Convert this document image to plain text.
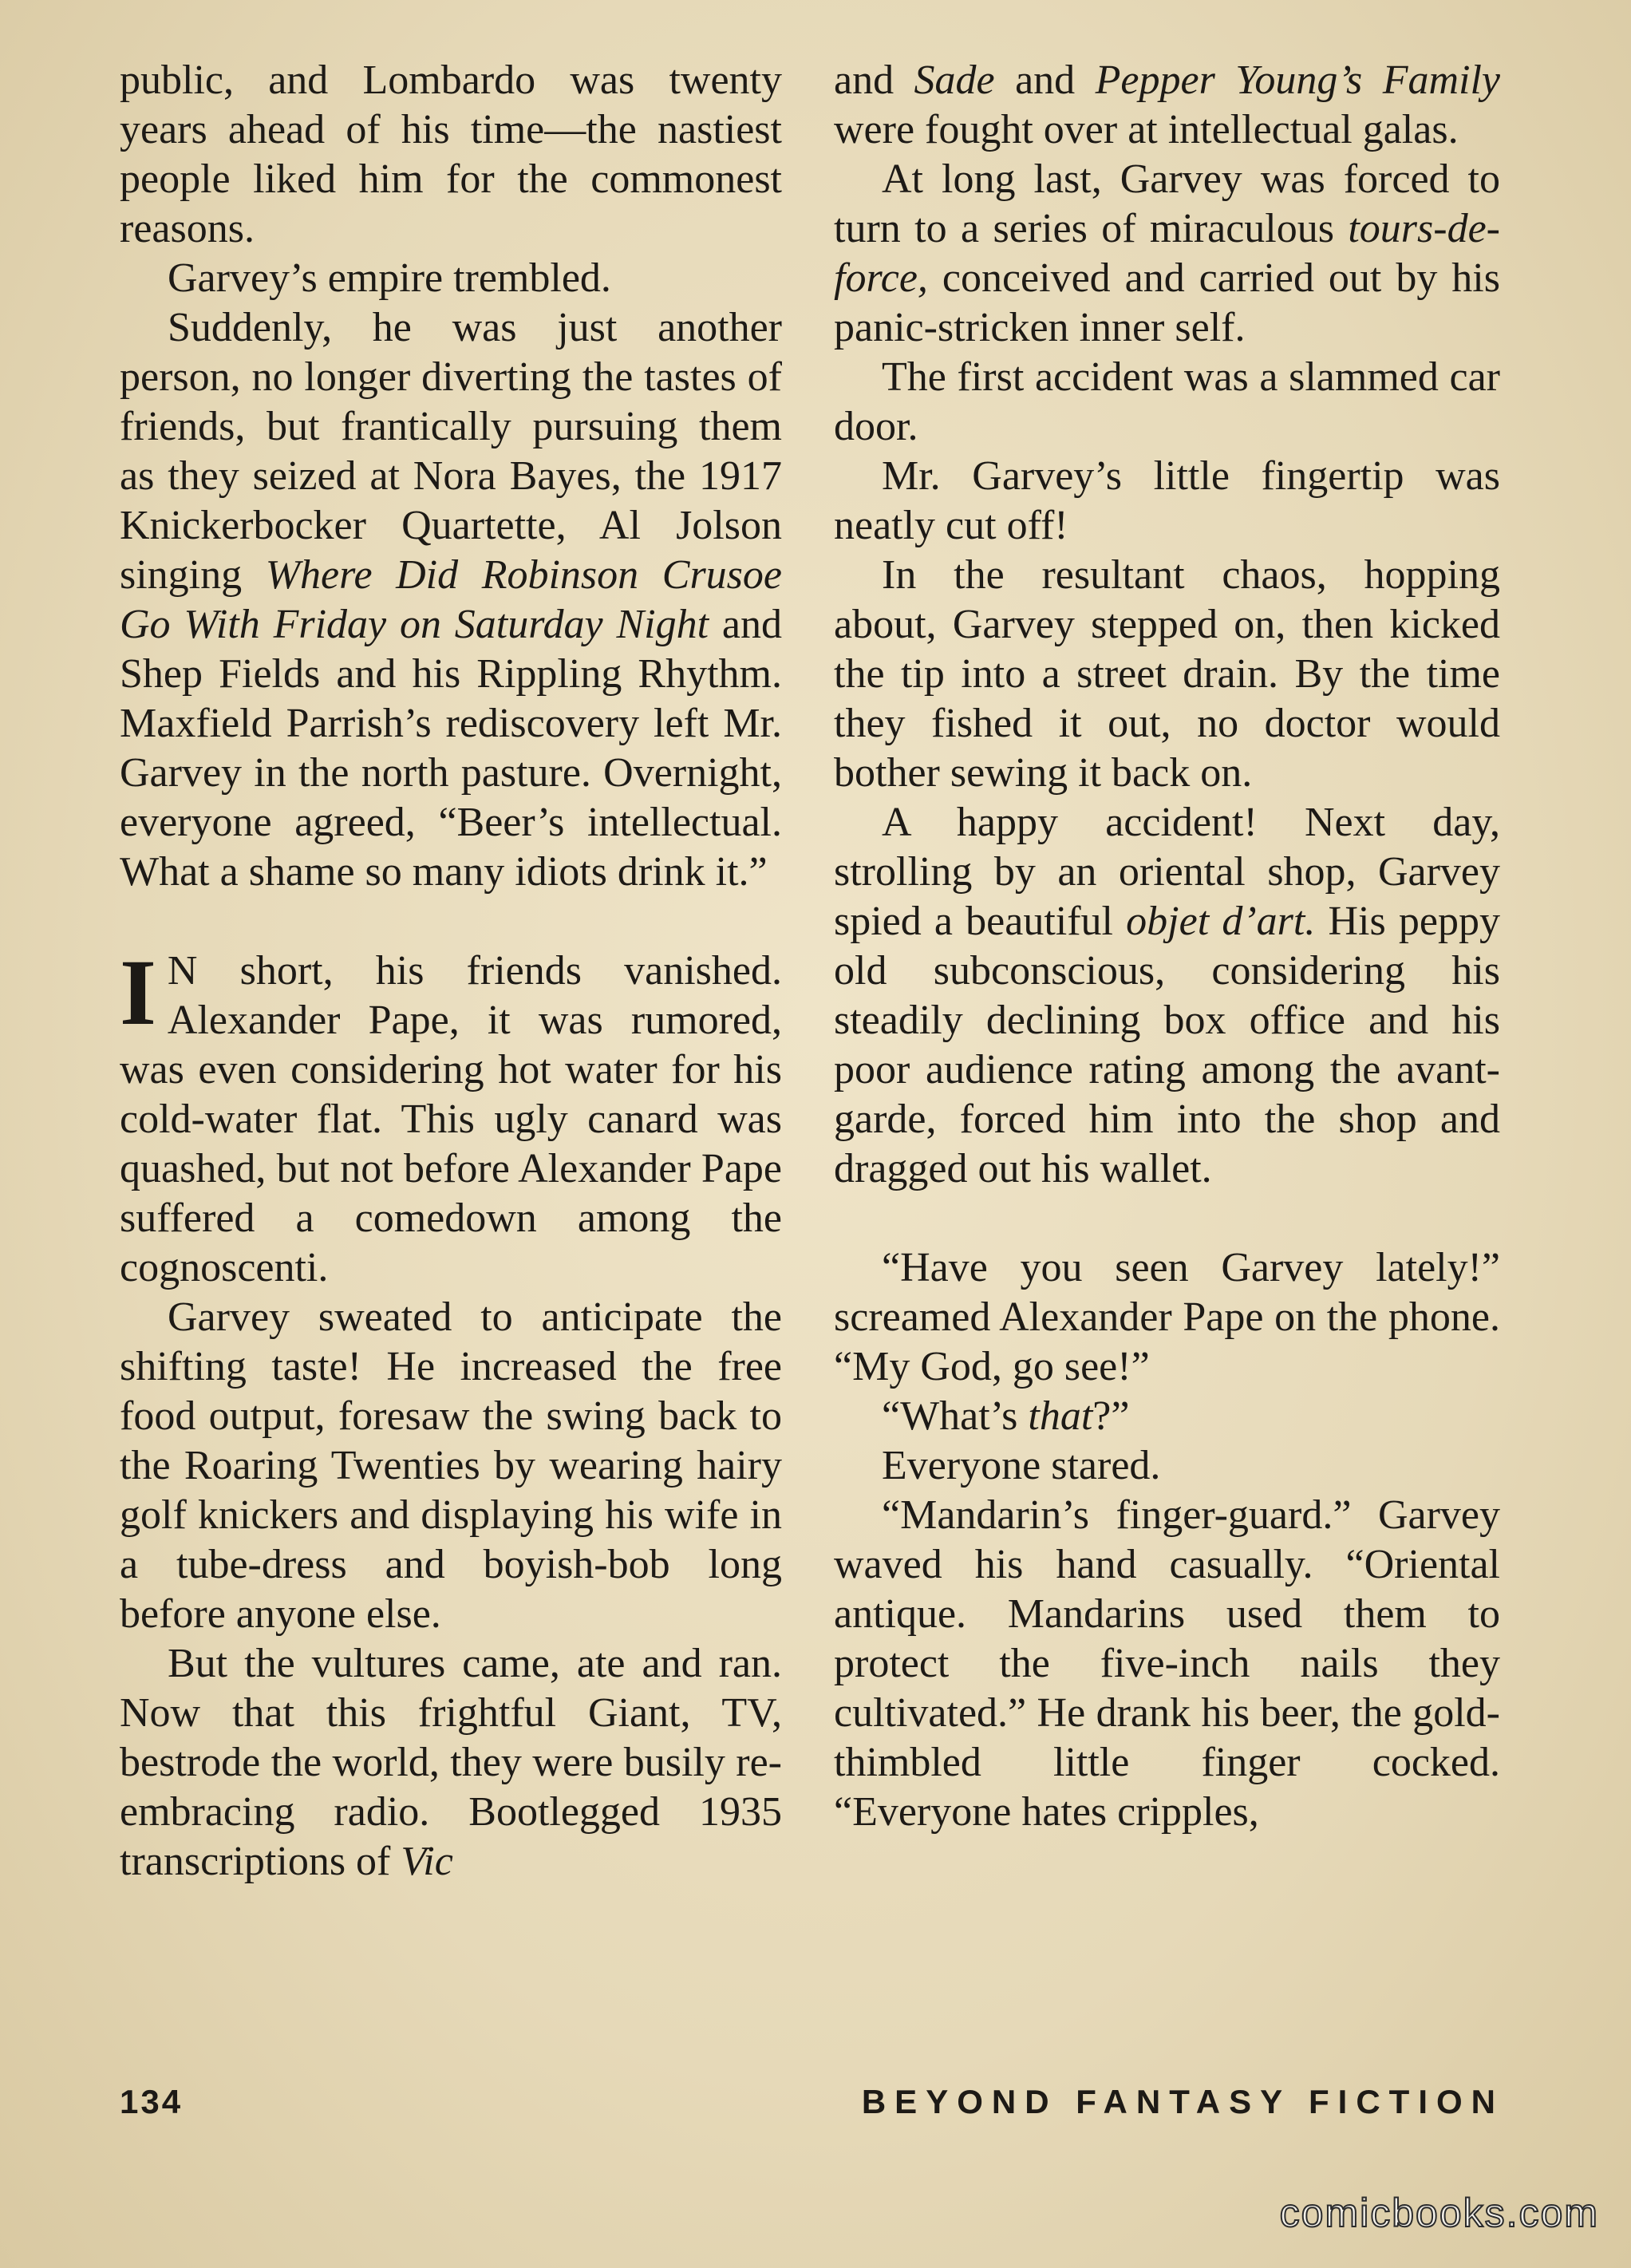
public, and Lombardo was twenty years ahead of his time—the nastiest people liked him for the commonest reasons.

Garvey’s empire trembled.

Suddenly, he was just another person, no longer diverting the tastes of friends, but frantically pursuing them as they seized at Nora Bayes, the 1917 Knickerbocker Quartette, Al Jolson singing Where Did Robinson Crusoe Go With Friday on Saturday Night and Shep Fields and his Rippling Rhythm. Maxfield Parrish’s rediscovery left Mr. Garvey in the north pasture. Overnight, everyone agreed, “Beer’s intellectual. What a shame so many idiots drink it.”

I N short, his friends vanished. Alexander Pape, it was rumored, was even considering hot water for his cold-water flat. This ugly canard was quashed, but not before Alexander Pape suffered a comedown among the cognoscenti.

Garvey sweated to anticipate the shifting taste! He increased the free food output, foresaw the swing back to the Roaring Twenties by wearing hairy golf knickers and displaying his wife in a tube-dress and boyish-bob long before anyone else.

But the vultures came, ate and ran. Now that this frightful Giant, TV, bestrode the world, they were busily re-embracing radio. Bootlegged 1935 transcriptions of Vic

and Sade and Pepper Young’s Family were fought over at intellectual galas.

At long last, Garvey was forced to turn to a series of miraculous tours-de-force, conceived and carried out by his panic-stricken inner self.

The first accident was a slammed car door.

Mr. Garvey’s little fingertip was neatly cut off!

In the resultant chaos, hopping about, Garvey stepped on, then kicked the tip into a street drain. By the time they fished it out, no doctor would bother sewing it back on.

A happy accident! Next day, strolling by an oriental shop, Garvey spied a beautiful objet d’art. His peppy old subconscious, considering his steadily declining box office and his poor audience rating among the avant-garde, forced him into the shop and dragged out his wallet.

“Have you seen Garvey lately!” screamed Alexander Pape on the phone. “My God, go see!”

“What’s that?”

Everyone stared.

“Mandarin’s finger-guard.” Garvey waved his hand casually. “Oriental antique. Mandarins used them to protect the five-inch nails they cultivated.” He drank his beer, the gold-thimbled little finger cocked. “Everyone hates cripples,

134	BEYOND FANTASY FICTION
comicbooks.com
